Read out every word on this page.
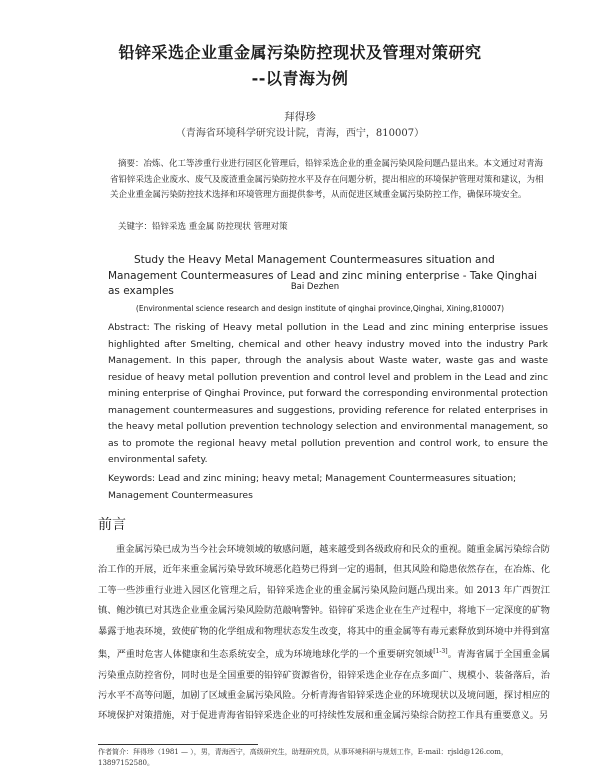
铅锌采选企业重金属污染防控现状及管理对策研究
--以青海为例
拜得珍
（青海省环境科学研究设计院，青海，西宁，810007）
摘要：冶炼、化工等涉重行业进行园区化管理后，铅锌采选企业的重金属污染风险问题凸显出来。本文通过对青海省铅锌采选企业废水、废气及废渣重金属污染防控水平及存在问题分析，提出相应的环境保护管理对策和建议，为相关企业重金属污染防控技术选择和环境管理方面提供参考，从而促进区域重金属污染防控工作，确保环境安全。
关键字：铅锌采选 重金属 防控现状 管理对策
Study the Heavy Metal Management Countermeasures situation and Management Countermeasures of Lead and zinc mining enterprise - Take Qinghai as examples	Bai Dezhen
(Environmental science research and design institute of qinghai province,Qinghai, Xining,810007)
Abstract: The risking of Heavy metal pollution in the Lead and zinc mining enterprise issues highlighted after Smelting, chemical and other heavy industry moved into the industry Park Management. In this paper, through the analysis about Waste water, waste gas and waste residue of heavy metal pollution prevention and control level and problem in the Lead and zinc mining enterprise of Qinghai Province, put forward the corresponding environmental protection management countermeasures and suggestions, providing reference for related enterprises in the heavy metal pollution prevention technology selection and environmental management, so as to promote the regional heavy metal pollution prevention and control work, to ensure the environmental safety.
Keywords: Lead and zinc mining; heavy metal; Management Countermeasures situation; Management Countermeasures
前言
重金属污染已成为当今社会环境领域的敏感问题，越来越受到各级政府和民众的重视。随重金属污染综合防治工作的开展，近年来重金属污染导致环境恶化趋势已得到一定的遏制，但其风险和隐患依然存在，在冶炼、化工等一些涉重行业进入园区化管理之后，铅锌采选企业的重金属污染风险问题凸现出来。如 2013 年广西贺江镇、鲍沙镇已对其选企业重金属污染风险防范敲响警钟。铅锌矿采选企业在生产过程中，将地下一定深度的矿物暴露于地表环境，致使矿物的化学组成和物理状态发生改变，将其中的重金属等有毒元素释放到环境中并得到富集，严重时危害人体健康和生态系统安全，成为环境地球化学的一个重要研究领域[1-3]。青海省属于全国重金属污染重点防控省份，同时也是全国重要的铅锌矿资源省份，铅锌采选企业存在点多面广、规模小、装备落后，治污水平不高等问题，加剧了区域重金属污染风险。分析青海省铅锌采选企业的环境现状以及境问题，探讨相应的环境保护对策措施，对于促进青海省铅锌采选企业的可持续性发展和重金属污染综合防控工作具有重要意义。另
作者简介：拜得珍（1981 — ），男，青海西宁，高级研究生，助理研究员，从事环境科研与规划工作，E-mail：rjsld@126.com，13897152580。
